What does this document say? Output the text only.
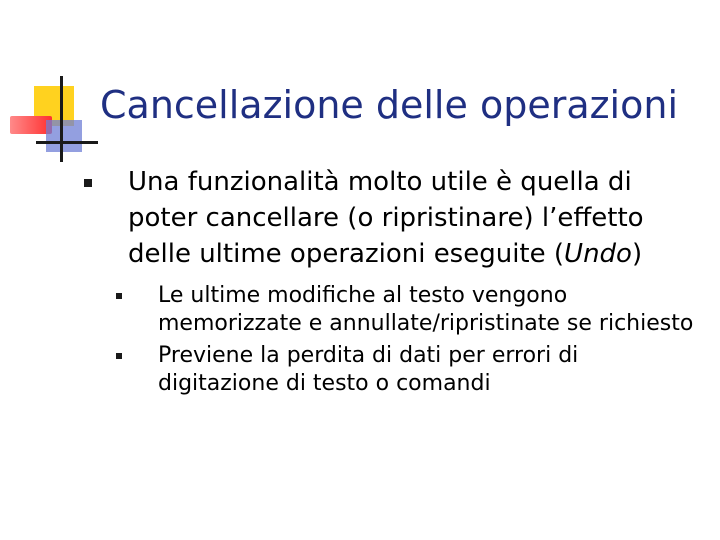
Cancellazione delle operazioni
Una funzionalità molto utile è quella di poter cancellare (o ripristinare) l’effetto delle ultime operazioni eseguite (Undo)
Le ultime modifiche al testo vengono memorizzate e annullate/ripristinate se richiesto
Previene la perdita di dati per errori di digitazione di testo o comandi
